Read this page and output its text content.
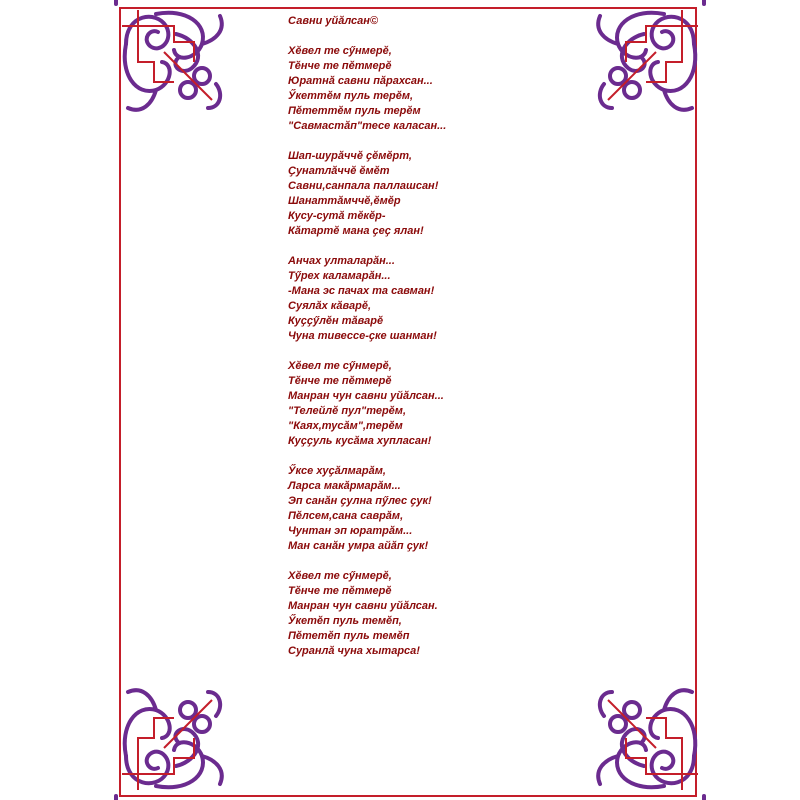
Савни уйӑлсан©
Хӗвел те сӳнмерӗ,
Тӗнче те пӗтмерӗ
Юратнӑ савни пӑрахсан...
Ӳкеттӗм пуль терӗм,
Пӗтеттӗм пуль терӗм
"Савмастӑп"тесе каласан...
Шап-шурӑччӗ ҫӗмӗрт,
Ҫунатлӑччӗ ӗмӗт
Савни,санпала паллашсан!
Шанаттӑмччӗ,ӗмӗр
Кусу-сутӑ тӗкӗр-
Кӑтартӗ мана ҫеҫ ялан!
Анчах улталарӑн...
Тӳрех каламарӑн...
-Мана эс пачах та савман!
Суялӑх кӑварӗ,
Куҫҫӳлӗн тӑварӗ
Чуна тивессе-ҫке шанман!
Хӗвел те сӳнмерӗ,
Тӗнче те пӗтмерӗ
Манран чун савни уйӑлсан...
"Телейлӗ пул"терӗм,
"Каях,тусӑм",терӗм
Куҫҫуль кусӑма хупласан!
Ӳксе хуҫӑлмарӑм,
Ларса макӑрмарӑм...
Эп санӑн ҫулна пӳлес ҫук!
Пӗлсем,сана саврӑм,
Чунтан эп юратрӑм...
Ман санӑн умра айӑп ҫук!
Хӗвел те сӳнмерӗ,
Тӗнче те пӗтмерӗ
Манран чун савни уйӑлсан.
Ӳкетӗп пуль темӗп,
Пӗтетӗп пуль темӗп
Суранлӑ чуна хытарса!
